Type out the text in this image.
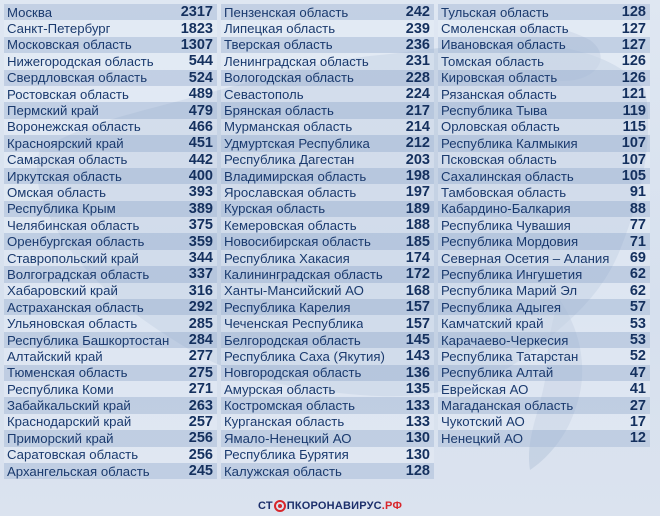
Москва	2317
Санкт-Петербург	1823
Московская область	1307
Нижегородская область 544
Свердловская область	524
Ростовская область	489
Пермский край	479
Воронежская область	466
Красноярский край	451
Самарская область	442
Иркутская область	400
Омская область	393
Республика Крым	389
Челябинская область	375
Оренбургская область	359
Ставропольский край	344
Волгоградская область	337
Хабаровский край	316
Астраханская область	292
Ульяновская область	285
Республика Башкортостан 284
Алтайский край	277
Тюменская область	275
Республика Коми	271
Забайкальский край	263
Краснодарский край	257
Приморский край	256
Саратовская область	256
Архангельская область	245
Пензенская область	242
Липецкая область	239
Тверская область	236
Ленинградская область	231
Вологодская область	228
Севастополь	224
Брянская область	217
Мурманская область	214
Удмуртская Республика 212
Республика Дагестан	203
Владимирская область	198
Ярославская область	197
Курская область	189
Кемеровская область	188
Новосибирская область 185
Республика Хакасия	174
Калининградская область 172
Ханты-Мансийский АО	168
Республика Карелия	157
Чеченская Республика	157
Белгородская область	145
Республика Саха (Якутия) 143
Новгородская область	136
Амурская область	135
Костромская область	133
Курганская область	133
Ямало-Ненецкий АО	130
Республика Бурятия	130
Калужская область	128
Тульская область	128
Смоленская область	127
Ивановская область	127
Томская область	126
Кировская область	126
Рязанская область	121
Республика Тыва	119
Орловская область	115
Республика Калмыкия	107
Псковская область	107
Сахалинская область	105
Тамбовская область	91
Кабардино-Балкария	88
Республика Чувашия	77
Республика Мордовия	71
Северная Осетия – Алания 69
Республика Ингушетия	62
Республика Марий Эл	62
Республика Адыгея	57
Камчатский край	53
Карачаево-Черкесия	53
Республика Татарстан	52
Республика Алтай	47
Еврейская АО	41
Магаданская область	27
Чукотский АО	17
Ненецкий АО	12
СТ ПКОРОНАВИРУС .РФ
